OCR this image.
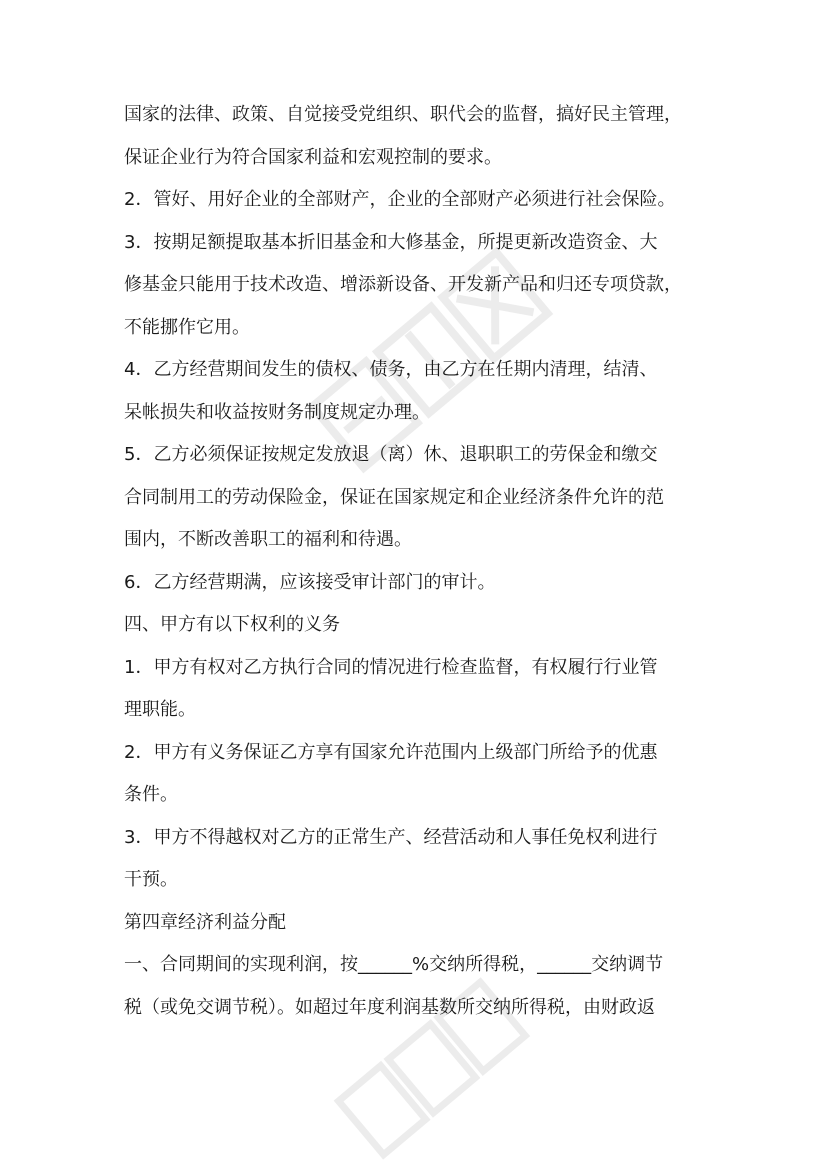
国家的法律、政策、自觉接受党组织、职代会的监督，搞好民主管理，
保证企业行为符合国家利益和宏观控制的要求。
2．管好、用好企业的全部财产，企业的全部财产必须进行社会保险。
3．按期足额提取基本折旧基金和大修基金，所提更新改造资金、大
修基金只能用于技术改造、增添新设备、开发新产品和归还专项贷款，
不能挪作它用。
4．乙方经营期间发生的债权、债务，由乙方在任期内清理，结清、
呆帐损失和收益按财务制度规定办理。
5．乙方必须保证按规定发放退（离）休、退职职工的劳保金和缴交
合同制用工的劳动保险金，保证在国家规定和企业经济条件允许的范
围内，不断改善职工的福利和待遇。
6．乙方经营期满，应该接受审计部门的审计。
四、甲方有以下权利的义务
1．甲方有权对乙方执行合同的情况进行检查监督，有权履行行业管
理职能。
2．甲方有义务保证乙方享有国家允许范围内上级部门所给予的优惠
条件。
3．甲方不得越权对乙方的正常生产、经营活动和人事任免权利进行
干预。
第四章经济利益分配
一、合同期间的实现利润，按______%交纳所得税，______交纳调节
税（或免交调节税）。如超过年度利润基数所交纳所得税，由财政返
